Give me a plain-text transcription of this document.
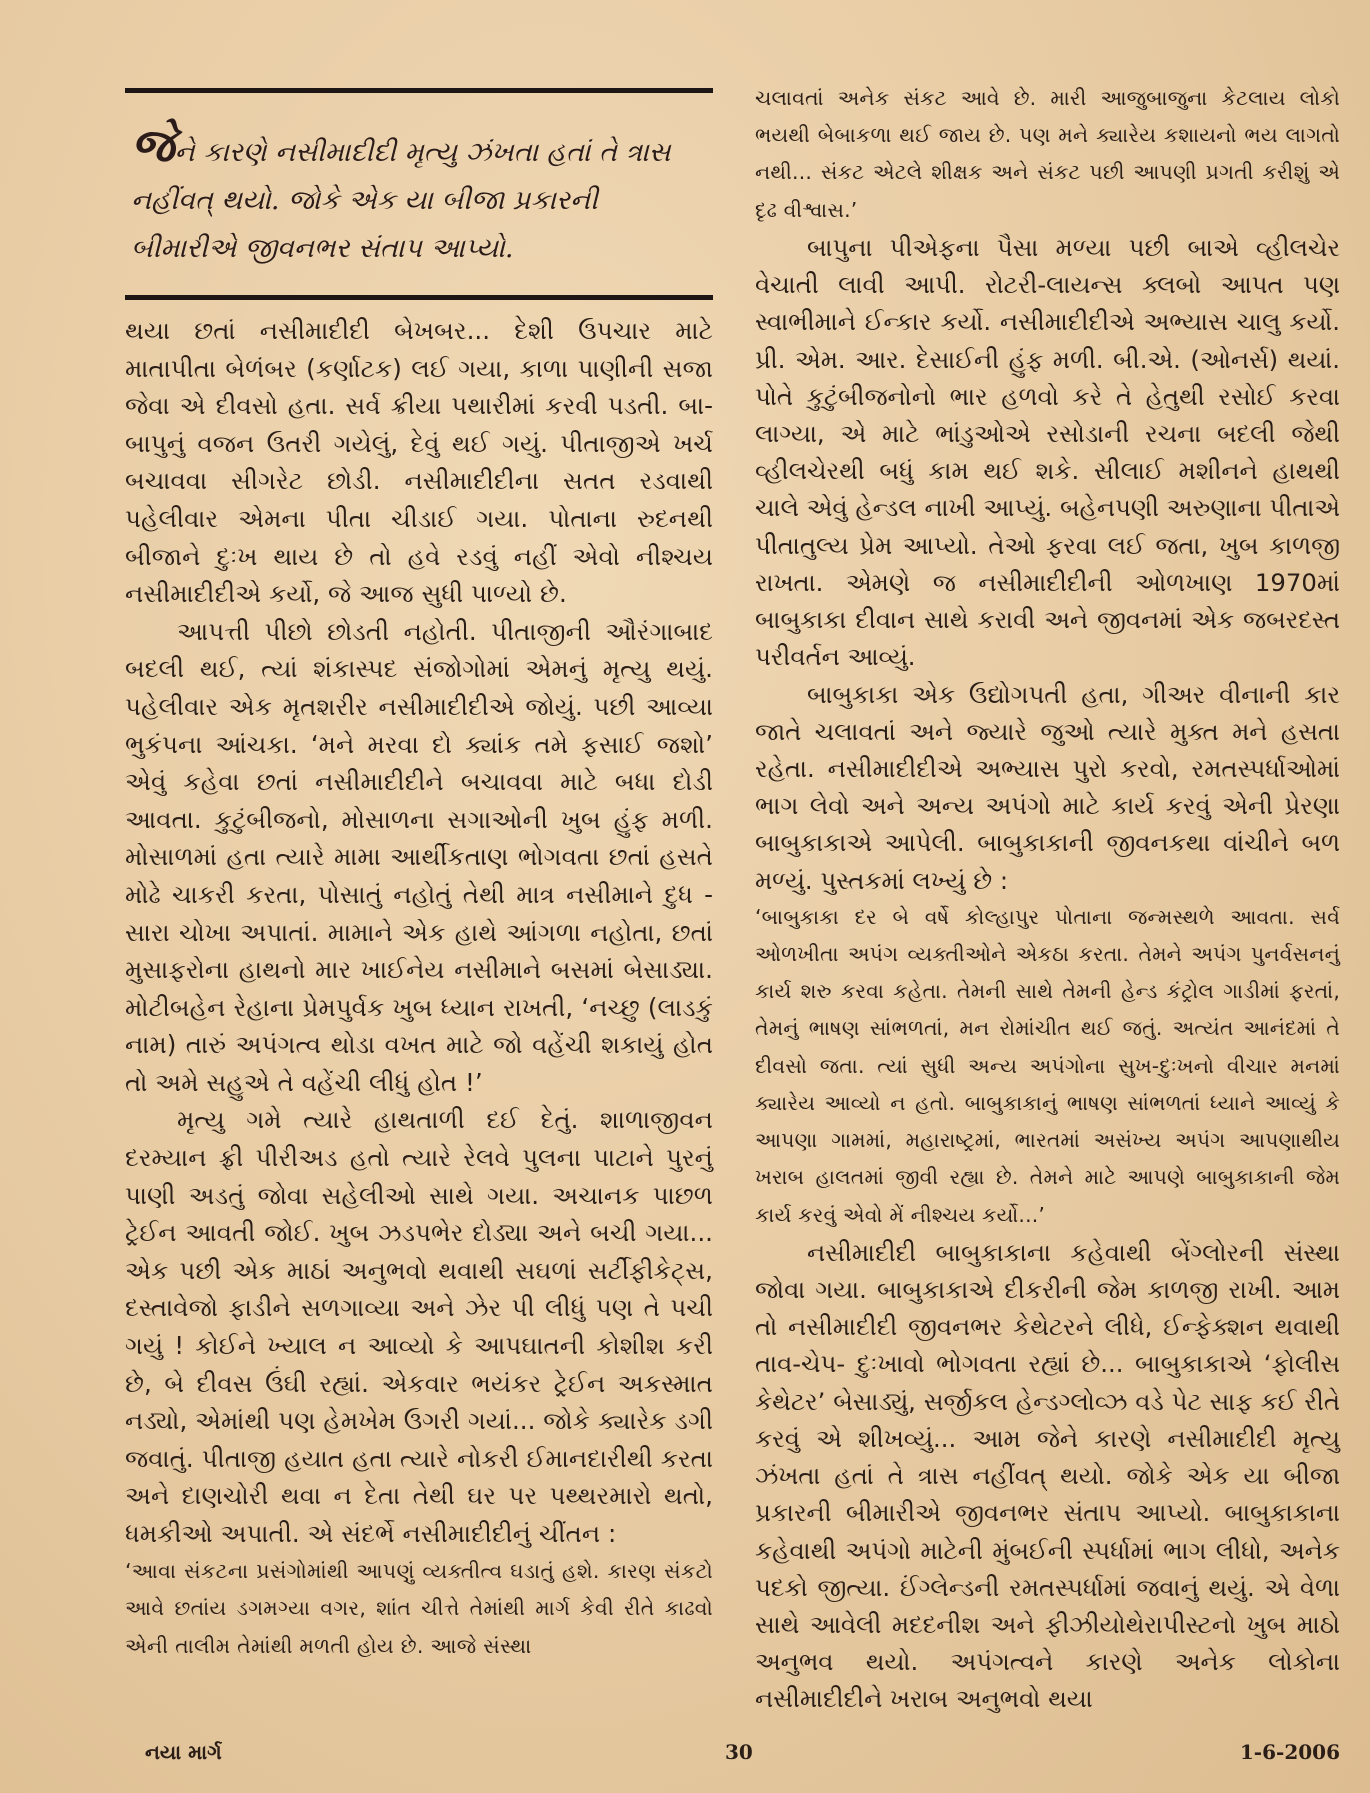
જેને કારણે નસીમાદીદી મૃત્યુ ઝંખતા હતાં તે ત્રાસ નહીંવત્ થયો. જોકે એક યા બીજા પ્રકારની બીમારીએ જીવનભર સંતાપ આપ્યો.

થયા છતાં નસીમાદીદી બેખબર... દેશી ઉપચાર માટે માતાપીતા બેળંબર (કર્ણાટક) લઈ ગયા, કાળા પાણીની સજા જેવા એ દીવસો હતા. સર્વ ક્રીયા પથારીમાં કરવી પડતી. બા-બાપુનું વજન ઉતરી ગયેલું, દેવું થઈ ગયું. પીતાજીએ ખર્ચ બચાવવા સીગરેટ છોડી. નસીમાદીદીના સતત રડવાથી પહેલીવાર એમના પીતા ચીડાઈ ગયા. પોતાના રુદનથી બીજાને દુઃખ થાય છે તો હવે રડવું નહીં એવો નીશ્ચય નસીમાદીદીએ કર્યો, જે આજ સુધી પાળ્યો છે.

આપત્તી પીછો છોડતી નહોતી. પીતાજીની ઔરંગાબાદ બદલી થઈ, ત્યાં શંકાસ્પદ સંજોગોમાં એમનું મૃત્યુ થયું. પહેલીવાર એક મૃતશરીર નસીમાદીદીએ જોયું. પછી આવ્યા ભુકંપના આંચકા. ‘મને મરવા દો ક્યાંક તમે ફસાઈ જશો’ એવું કહેવા છતાં નસીમાદીદીને બચાવવા માટે બધા દોડી આવતા. કુટુંબીજનો, મોસાળના સગાઓની ખુબ હુંફ મળી. મોસાળમાં હતા ત્યારે મામા આર્થીકતાણ ભોગવતા છતાં હસતે મોઢે ચાકરી કરતા, પોસાતું નહોતું તેથી માત્ર નસીમાને દુધ - સારા ચોખા અપાતાં. મામાને એક હાથે આંગળા નહોતા, છતાં મુસાફરોના હાથનો માર ખાઈનેય નસીમાને બસમાં બેસાડ્યા. મોટીબહેન રેહાના પ્રેમપુર્વક ખુબ ધ્યાન રાખતી, ‘નચ્છુ (લાડકું નામ) તારું અપંગત્વ થોડા વખત માટે જો વહેંચી શકાયું હોત તો અમે સહુએ તે વહેંચી લીધું હોત !’

મૃત્યુ ગમે ત્યારે હાથતાળી દઈ દેતું. શાળાજીવન દરમ્યાન ફ્રી પીરીઅડ હતો ત્યારે રેલવે પુલના પાટાને પુરનું પાણી અડતું જોવા સહેલીઓ સાથે ગયા. અચાનક પાછળ ટ્રેઈન આવતી જોઈ. ખુબ ઝડપભેર દોડ્યા અને બચી ગયા... એક પછી એક માઠાં અનુભવો થવાથી સઘળાં સર્ટીફીકેટ્સ, દસ્તાવેજો ફાડીને સળગાવ્યા અને ઝેર પી લીધું પણ તે પચી ગયું ! કોઈને ખ્યાલ ન આવ્યો કે આપઘાતની કોશીશ કરી છે, બે દીવસ ઉંઘી રહ્યાં. એકવાર ભયંકર ટ્રેઈન અકસ્માત નડ્યો, એમાંથી પણ હેમખેમ ઉગરી ગયાં... જોકે ક્યારેક ડગી જવાતું. પીતાજી હયાત હતા ત્યારે નોકરી ઈમાનદારીથી કરતા અને દાણચોરી થવા ન દેતા તેથી ઘર પર પથ્થરમારો થતો, ધમકીઓ અપાતી. એ સંદર્ભે નસીમાદીદીનું ચીંતન :

‘આવા સંકટના પ્રસંગોમાંથી આપણું વ્યક્તીત્વ ઘડાતું હશે. કારણ સંકટો આવે છતાંય ડગમગ્યા વગર, શાંત ચીત્તે તેમાંથી માર્ગ કેવી રીતે કાઢવો એની તાલીમ તેમાંથી મળતી હોય છે. આજે સંસ્થા

ચલાવતાં અનેક સંકટ આવે છે. મારી આજુબાજુના કેટલાય લોકો ભયથી બેબાકળા થઈ જાય છે. પણ મને ક્યારેય કશાયનો ભય લાગતો નથી... સંકટ એટલે શીક્ષક અને સંકટ પછી આપણી પ્રગતી કરીશું એ દૃઢ વીશ્વાસ.’

બાપુના પીએફના પૈસા મળ્યા પછી બાએ વ્હીલચેર વેચાતી લાવી આપી. રોટરી-લાયન્સ ક્લબો આપત પણ સ્વાભીમાને ઈન્કાર કર્યો. નસીમાદીદીએ અભ્યાસ ચાલુ કર્યો. પ્રી. એમ. આર. દેસાઈની હુંફ મળી. બી.એ. (ઓનર્સ) થયાં. પોતે કુટુંબીજનોનો ભાર હળવો કરે તે હેતુથી રસોઈ કરવા લાગ્યા, એ માટે ભાંડુઓએ રસોડાની રચના બદલી જેથી વ્હીલચેરથી બધું કામ થઈ શકે. સીલાઈ મશીનને હાથથી ચાલે એવું હેન્ડલ નાખી આપ્યું. બહેનપણી અરુણાના પીતાએ પીતાતુલ્ય પ્રેમ આપ્યો. તેઓ ફરવા લઈ જતા, ખુબ કાળજી રાખતા. એમણે જ નસીમાદીદીની ઓળખાણ 1970માં બાબુકાકા દીવાન સાથે કરાવી અને જીવનમાં એક જબરદસ્ત પરીવર્તન આવ્યું.

બાબુકાકા એક ઉદ્યોગપતી હતા, ગીઅર વીનાની કાર જાતે ચલાવતાં અને જ્યારે જુઓ ત્યારે મુક્ત મને હસતા રહેતા. નસીમાદીદીએ અભ્યાસ પુરો કરવો, રમતસ્પર્ધાઓમાં ભાગ લેવો અને અન્ય અપંગો માટે કાર્ય કરવું એની પ્રેરણા બાબુકાકાએ આપેલી. બાબુકાકાની જીવનકથા વાંચીને બળ મળ્યું. પુસ્તકમાં લખ્યું છે :

‘બાબુકાકા દર બે વર્ષે કોલ્હાપુર પોતાના જન્મસ્થળે આવતા. સર્વ ઓળખીતા અપંગ વ્યક્તીઓને એકઠા કરતા. તેમને અપંગ પુનર્વસનનું કાર્ય શરુ કરવા કહેતા. તેમની સાથે તેમની હેન્ડ કંટ્રોલ ગાડીમાં ફરતાં, તેમનું ભાષણ સાંભળતાં, મન રોમાંચીત થઈ જતું. અત્યંત આનંદમાં તે દીવસો જતા. ત્યાં સુધી અન્ય અપંગોના સુખ-દુઃખનો વીચાર મનમાં ક્યારેય આવ્યો ન હતો. બાબુકાકાનું ભાષણ સાંભળતાં ધ્યાને આવ્યું કે આપણા ગામમાં, મહારાષ્ટ્રમાં, ભારતમાં અસંખ્ય અપંગ આપણાથીય ખરાબ હાલતમાં જીવી રહ્યા છે. તેમને માટે આપણે બાબુકાકાની જેમ કાર્ય કરવું એવો મેં નીશ્ચય કર્યો...’

નસીમાદીદી બાબુકાકાના કહેવાથી બેંગ્લોરની સંસ્થા જોવા ગયા. બાબુકાકાએ દીકરીની જેમ કાળજી રાખી. આમ તો નસીમાદીદી જીવનભર કેથેટરને લીધે, ઈન્ફેક્શન થવાથી તાવ-ચેપ- દુઃખાવો ભોગવતા રહ્યાં છે... બાબુકાકાએ ‘ફોલીસ કેથેટર’ બેસાડ્યું, સર્જીકલ હેન્ડગ્લોવ્ઝ વડે પેટ સાફ કઈ રીતે કરવું એ શીખવ્યું... આમ જેને કારણે નસીમાદીદી મૃત્યુ ઝંખતા હતાં તે ત્રાસ નહીંવત્ થયો. જોકે એક યા બીજા પ્રકારની બીમારીએ જીવનભર સંતાપ આપ્યો. બાબુકાકાના કહેવાથી અપંગો માટેની મુંબઈની સ્પર્ધામાં ભાગ લીધો, અનેક પદકો જીત્યા. ઈંગ્લેન્ડની રમતસ્પર્ધામાં જવાનું થયું. એ વેળા સાથે આવેલી મદદનીશ અને ફીઝીયોથેરાપીસ્ટનો ખુબ માઠો અનુભવ થયો. અપંગત્વને કારણે અનેક લોકોના નસીમાદીદીને ખરાબ અનુભવો થયા

નયા માર્ગ	30	1-6-2006
